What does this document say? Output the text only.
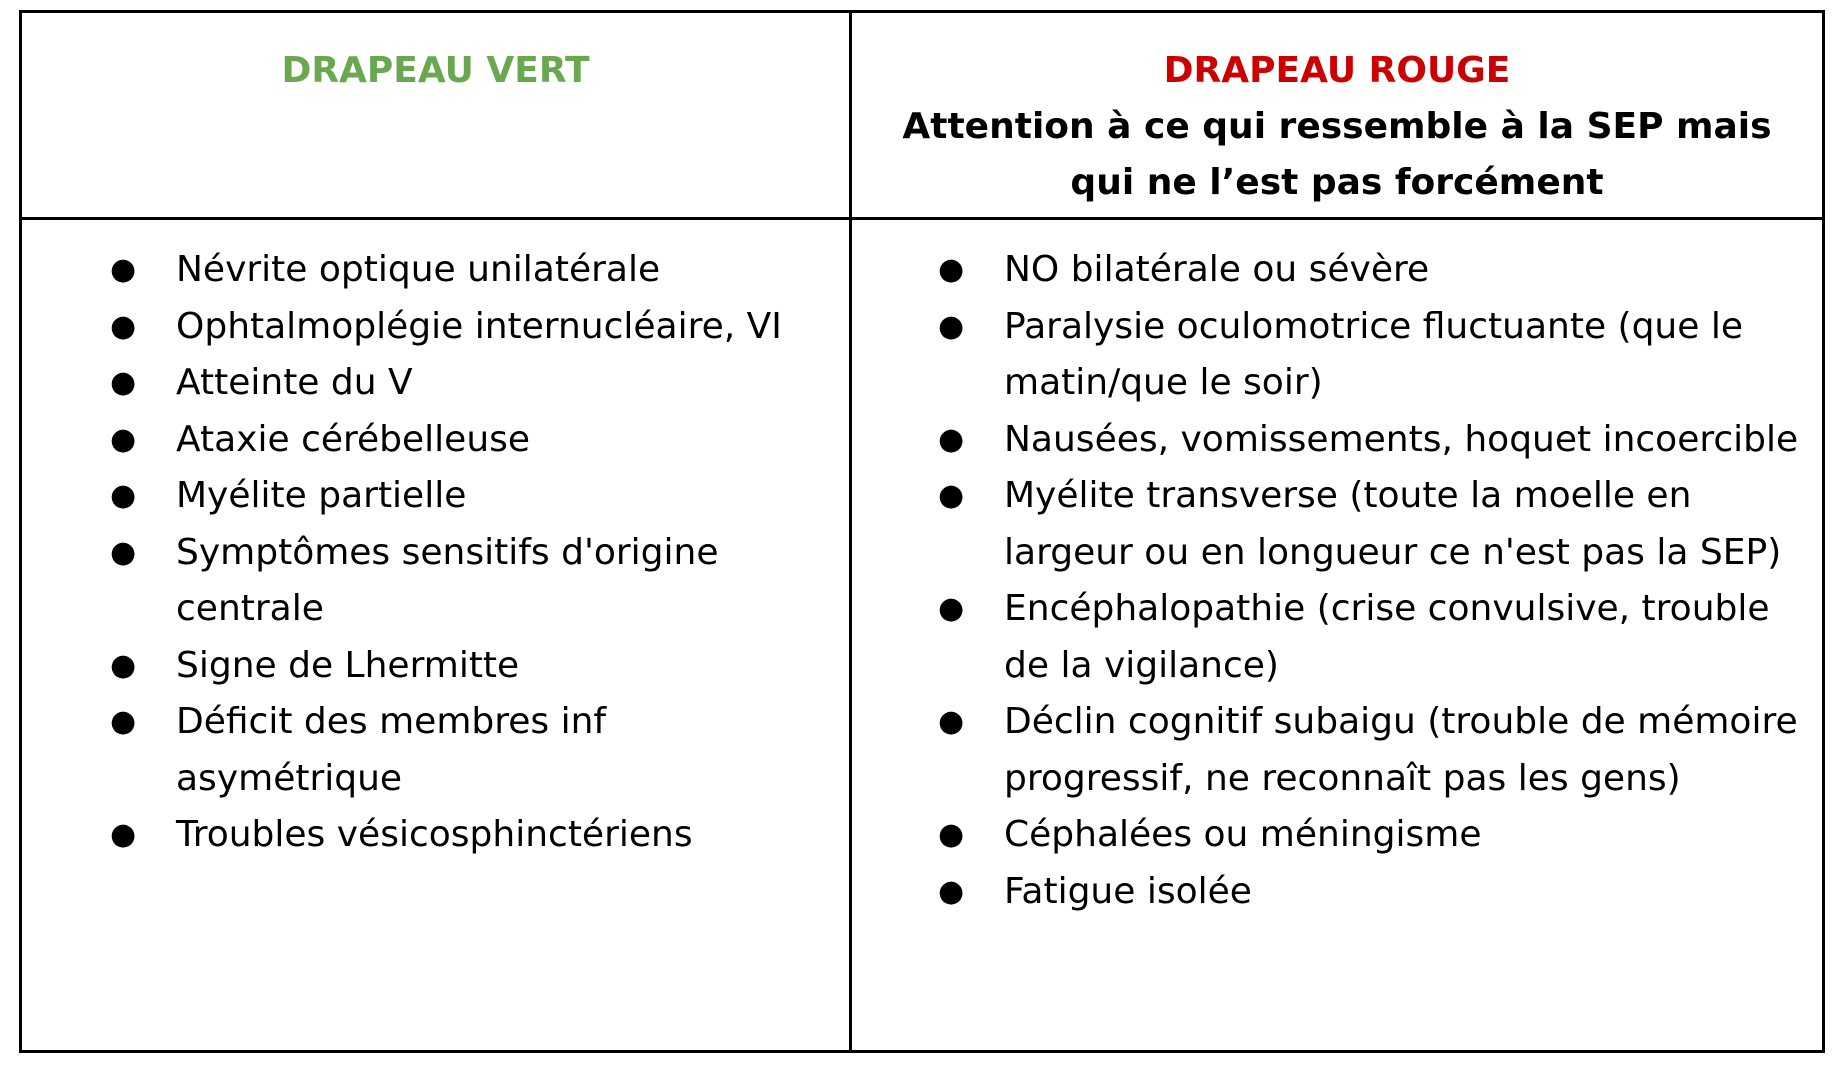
DRAPEAU VERT	DRAPEAU ROUGE
Attention à ce qui ressemble à la SEP mais qui ne l’est pas forcément
● Névrite optique unilatérale
● Ophtalmoplégie internucléaire, VI
● Atteinte du V
● Ataxie cérébelleuse
● Myélite partielle
● Symptômes sensitifs d'origine centrale
● Signe de Lhermitte
● Déficit des membres inf asymétrique
● Troubles vésicosphinctériens
● NO bilatérale ou sévère
● Paralysie oculomotrice fluctuante (que le matin/que le soir)
● Nausées, vomissements, hoquet incoercible
● Myélite transverse (toute la moelle en largeur ou en longueur ce n'est pas la SEP)
● Encéphalopathie (crise convulsive, trouble de la vigilance)
● Déclin cognitif subaigu (trouble de mémoire progressif, ne reconnaît pas les gens)
● Céphalées ou méningisme
● Fatigue isolée
